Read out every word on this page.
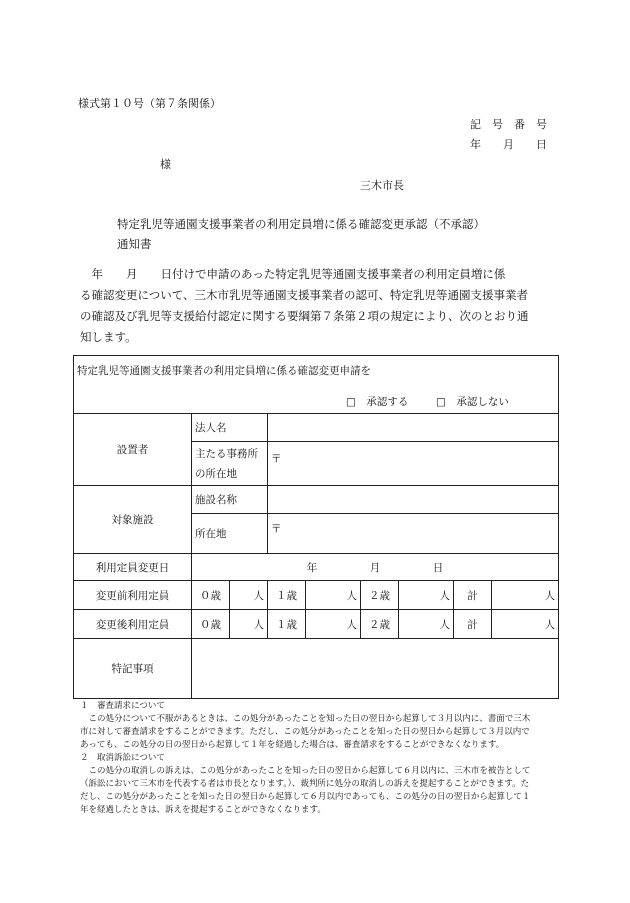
様式第１０号（第７条関係）
記　号　番　号
年　　月　　日
様
三木市長
特定乳児等通園支援事業者の利用定員増に係る確認変更承認（不承認）
通知書
　年　　月　　日付けで申請のあった特定乳児等通園支援事業者の利用定員増に係
る確認変更について、三木市乳児等通園支援事業者の認可、特定乳児等通園支援事業者
の確認及び乳児等支援給付認定に関する要綱第７条第２項の規定により、次のとおり通
知します。
特定乳児等通園支援事業者の利用定員増に係る確認変更申請を
□　承認する □　承認しない								

設置者	法人名							
	主たる事務所
の所在地		〒					
対象施設	施設名称							
	所在地		〒					
利用定員変更日	年　　　　　月　　　　　日							
変更前利用定員	０歳	人	１歳	人	２歳	人	計	人
変更後利用定員	０歳	人	１歳	人	２歳	人	計	人
特記事項								
１　審査請求について
　この処分について不服があるときは、この処分があったことを知った日の翌日から起算して３月以内に、書面で三木
市に対して審査請求をすることができます。ただし、この処分があったことを知った日の翌日から起算して３月以内で
あっても、この処分の日の翌日から起算して１年を経過した場合は、審査請求をすることができなくなります。
２　取消訴訟について
　この処分の取消しの訴えは、この処分があったことを知った日の翌日から起算して６月以内に、三木市を被告として
（訴訟において三木市を代表する者は市長となります。）、裁判所に処分の取消しの訴えを提起することができます。た
だし、この処分があったことを知った日の翌日から起算して６月以内であっても、この処分の日の翌日から起算して１
年を経過したときは、訴えを提起することができなくなります。
